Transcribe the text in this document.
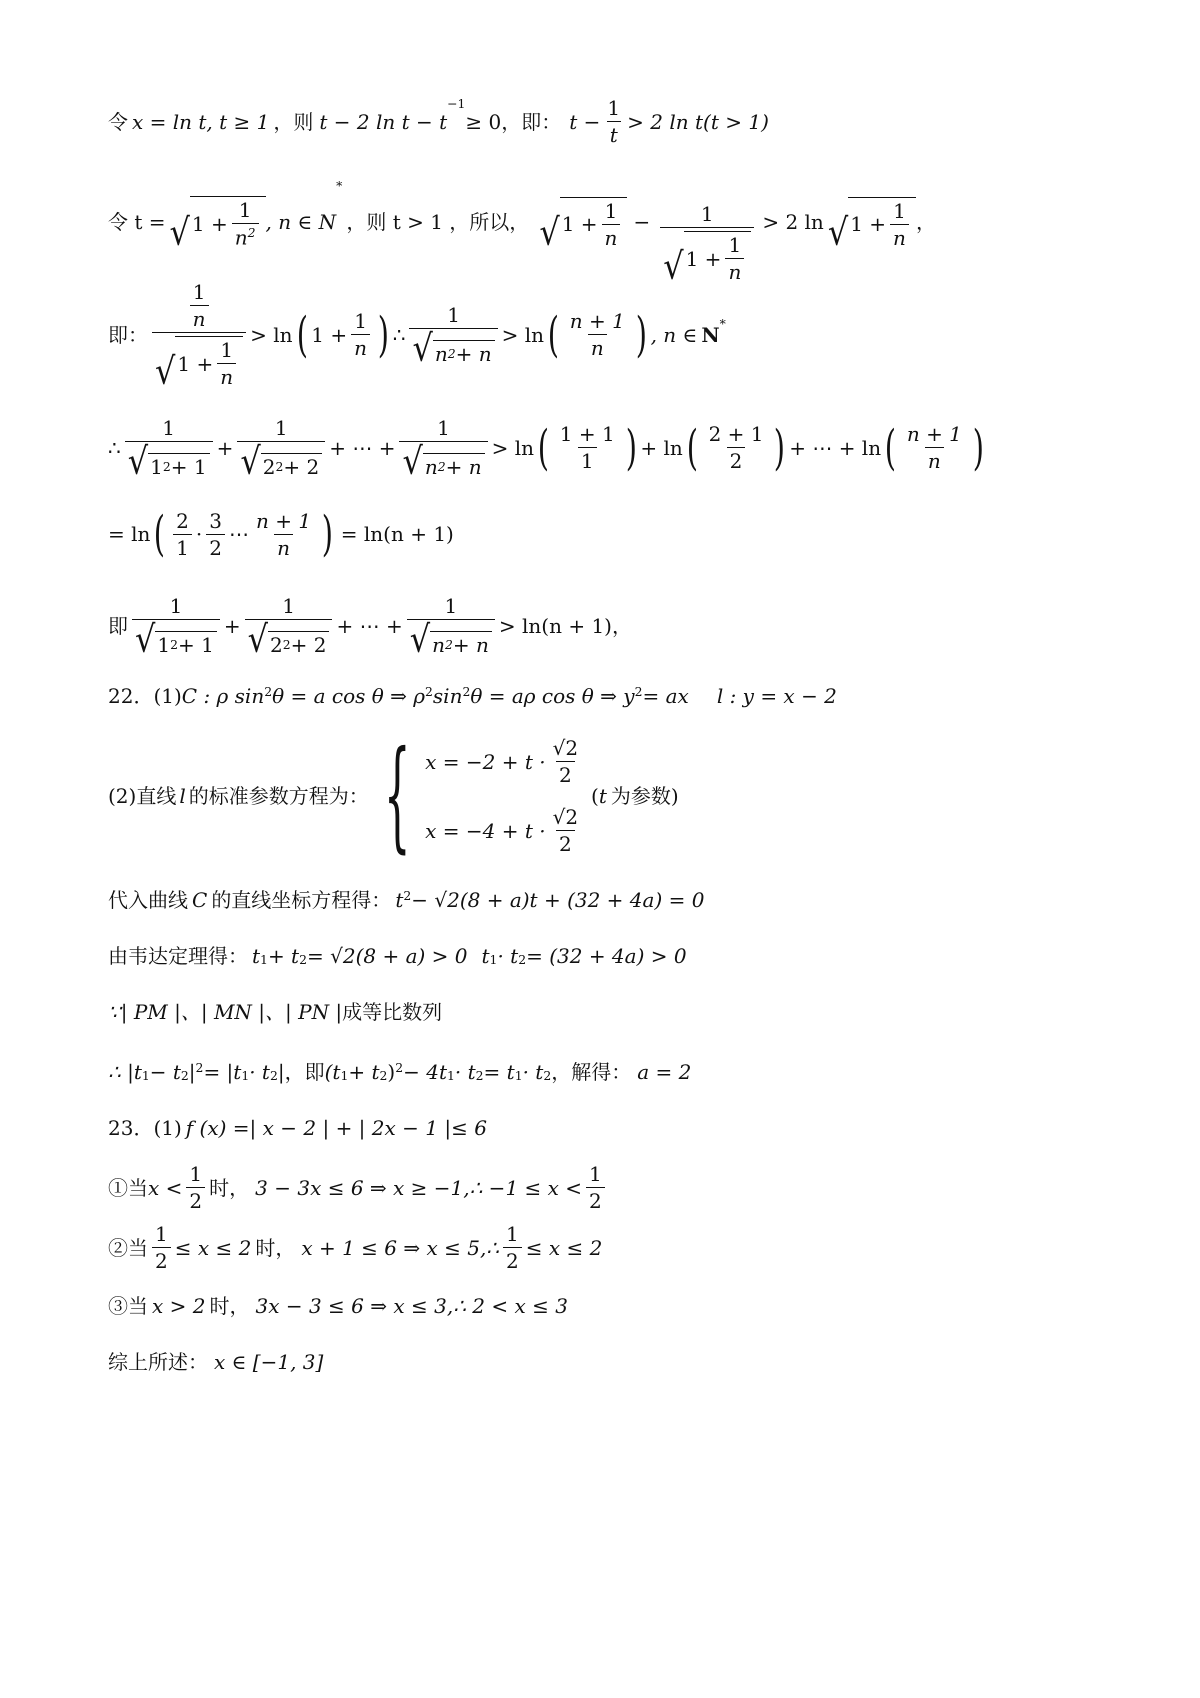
令 x = ln t, t ≥ 1 ，则 t − 2 ln t − t
−1
≥ 0 ，即： $t - \frac{1}{t} > 2$ ln t(t > 1)
令 t = √ $1 + \frac{1}{n^2}$ , n ∈ N
*
，则 t > 1 ，所以， √ $1 + \frac{1}{n} - \frac{1}{√ 1 + \frac{1}{n}} > 2$ ln √ $1 + \frac{1}{n}$ ，
即： $\frac{\frac{1}{n}}{√ 1 + \frac{1}{n}} > \ln$ ( $1 + \frac{1}{n}$ ) ∴ $\frac{1}{√ n 2 + n} > \ln$ ( $\frac{n + 1}{n}$ ) , n ∈ N*
∴ $\frac{1}{√ 1 2 + 1} + \frac{1}{√ 2 2 + 2}$ + ⋯ + $\frac{1}{√ n 2 + n} > \ln$ ( $\frac{1 + 1}{1}$ ) + ln ( $\frac{2 + 1}{2}$ ) + ⋯ + ln ( $\frac{n + 1}{n}$ )
= ln ( $\frac{2}{1} \cdot \frac{3}{2}$ ⋯ $\frac{n + 1}{n}$ ) = ln(n + 1)
即 $\frac{1}{√ 1 2 + 1} + \frac{1}{√ 2 2 + 2}$ + ⋯ + $\frac{1}{√ n 2 + n} > \ln(n + 1)$，
22．(1) C : ρ sin 2 θ = a cos θ ⇒ ρ 2 sin 2 θ = aρ cos θ ⇒ y 2 = ax l : y = x − 2
(2)直线 l 的标准参数方程为： { $x = -2 + t \cdot \frac{√2}{2}$
$x = -4 + t \cdot \frac{√2}{2}$
( t 为参数)
代入曲线 C 的直线坐标方程得： t 2 − √2(8 + a)t + (32 + 4a) = 0
由韦达定理得： t 1 + t 2 = √2(8 + a) > 0 t 1 · t 2 = (32 + 4a) > 0
∵| PM |、| MN |、| PN | 成等比数列
∴ |t 1 − t 2 | 2 = |t 1 · t 2 | ，即 (t 1 + t 2 ) 2 − 4t 1 · t 2 = t 1 · t 2 ，解得： a = 2
23．(1) f (x) =| x − 2 | + | 2x − 1 |≤ 6
①当 $x < \frac{1}{2}$ 时， 3 − 3x ≤ 6 ⇒ x ≥ −1,∴ $-1 \le x < \frac{1}{2}$
②当 $\frac{1}{2} \le x \le 2$ 时， x + 1 ≤ 6 ⇒ x ≤ 5,∴ $\frac{1}{2} \le x \le 2$
③当 x > 2 时， 3x − 3 ≤ 6 ⇒ x ≤ 3,∴ 2 < x ≤ 3
综上所述： x ∈ [−1, 3]
